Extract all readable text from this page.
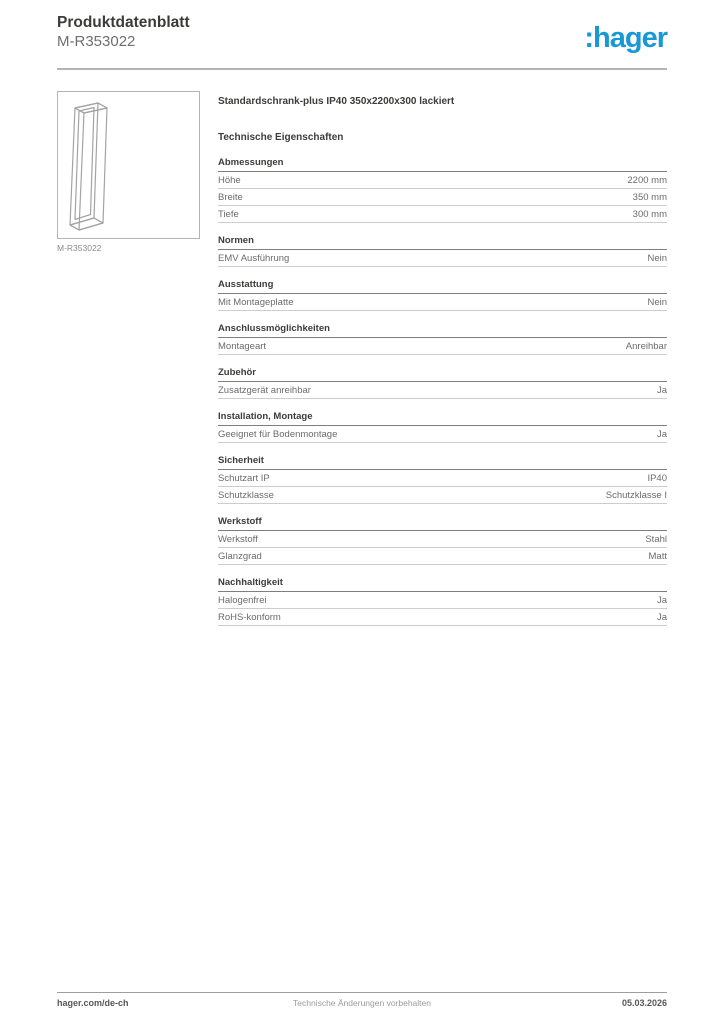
Produktdatenblatt
M-R353022	:hager
M-R353022
Standardschrank-plus IP40 350x2200x300 lackiert
Technische Eigenschaften
Abmessungen
Höhe	2200 mm
Breite	350 mm
Tiefe	300 mm
Normen
EMV Ausführung	Nein
Ausstattung
Mit Montageplatte	Nein
Anschlussmöglichkeiten
Montageart	Anreihbar
Zubehör
Zusatzgerät anreihbar	Ja
Installation, Montage
Geeignet für Bodenmontage	Ja
Sicherheit
Schutzart IP	IP40
Schutzklasse	Schutzklasse I
Werkstoff
Werkstoff	Stahl
Glanzgrad	Matt
Nachhaltigkeit
Halogenfrei	Ja
RoHS-konform	Ja
hager.com/de-ch	Technische Änderungen vorbehalten	05.03.2026
